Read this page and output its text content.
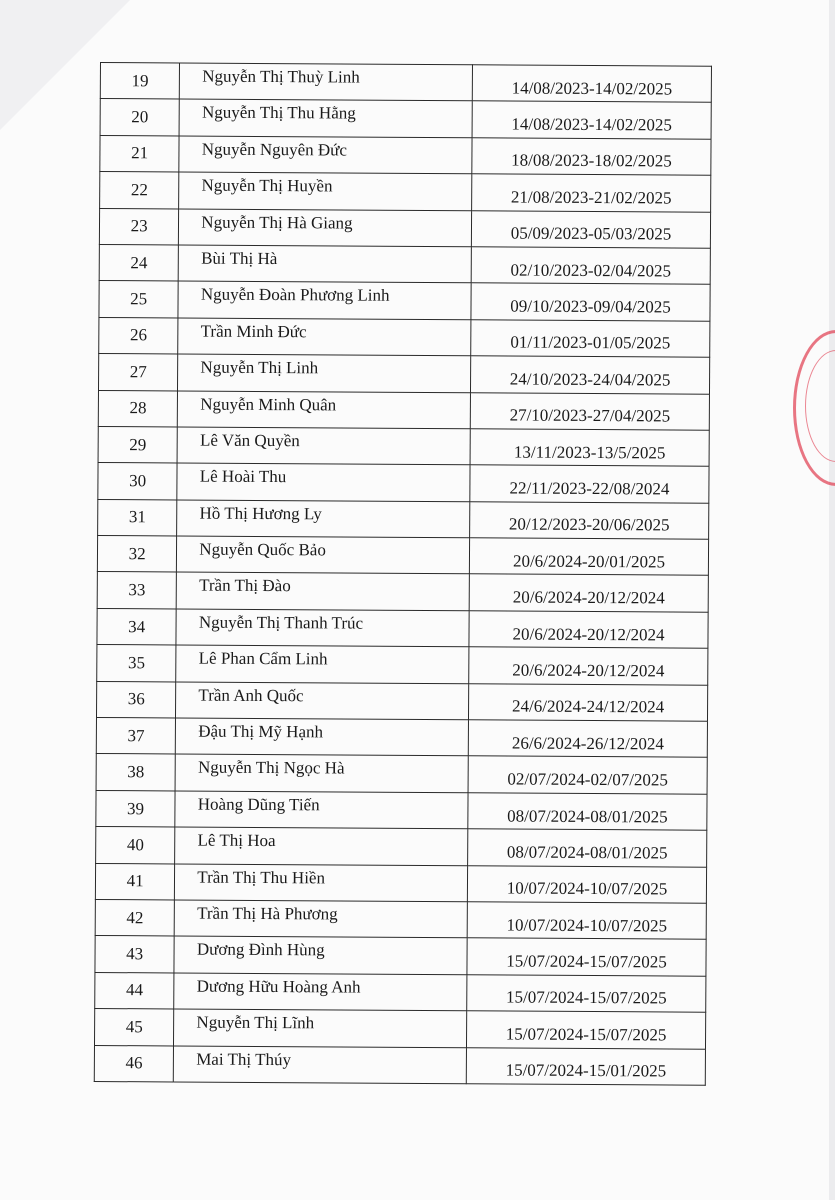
19	Nguyễn Thị Thuỳ Linh	14/08/2023-14/02/2025
20	Nguyễn Thị Thu Hằng	14/08/2023-14/02/2025
21	Nguyễn Nguyên Đức	18/08/2023-18/02/2025
22	Nguyễn Thị Huyền	21/08/2023-21/02/2025
23	Nguyễn Thị Hà Giang	05/09/2023-05/03/2025
24	Bùi Thị Hà	02/10/2023-02/04/2025
25	Nguyễn Đoàn Phương Linh	09/10/2023-09/04/2025
26	Trần Minh Đức	01/11/2023-01/05/2025
27	Nguyễn Thị Linh	24/10/2023-24/04/2025
28	Nguyễn Minh Quân	27/10/2023-27/04/2025
29	Lê Văn Quyền	13/11/2023-13/5/2025
30	Lê Hoài Thu	22/11/2023-22/08/2024
31	Hồ Thị Hương Ly	20/12/2023-20/06/2025
32	Nguyễn Quốc Bảo	20/6/2024-20/01/2025
33	Trần Thị Đào	20/6/2024-20/12/2024
34	Nguyễn Thị Thanh Trúc	20/6/2024-20/12/2024
35	Lê Phan Cẩm Linh	20/6/2024-20/12/2024
36	Trần Anh Quốc	24/6/2024-24/12/2024
37	Đậu Thị Mỹ Hạnh	26/6/2024-26/12/2024
38	Nguyễn Thị Ngọc Hà	02/07/2024-02/07/2025
39	Hoàng Dũng Tiến	08/07/2024-08/01/2025
40	Lê Thị Hoa	08/07/2024-08/01/2025
41	Trần Thị Thu Hiền	10/07/2024-10/07/2025
42	Trần Thị Hà Phương	10/07/2024-10/07/2025
43	Dương Đình Hùng	15/07/2024-15/07/2025
44	Dương Hữu Hoàng Anh	15/07/2024-15/07/2025
45	Nguyễn Thị Lĩnh	15/07/2024-15/07/2025
46	Mai Thị Thúy	15/07/2024-15/01/2025
